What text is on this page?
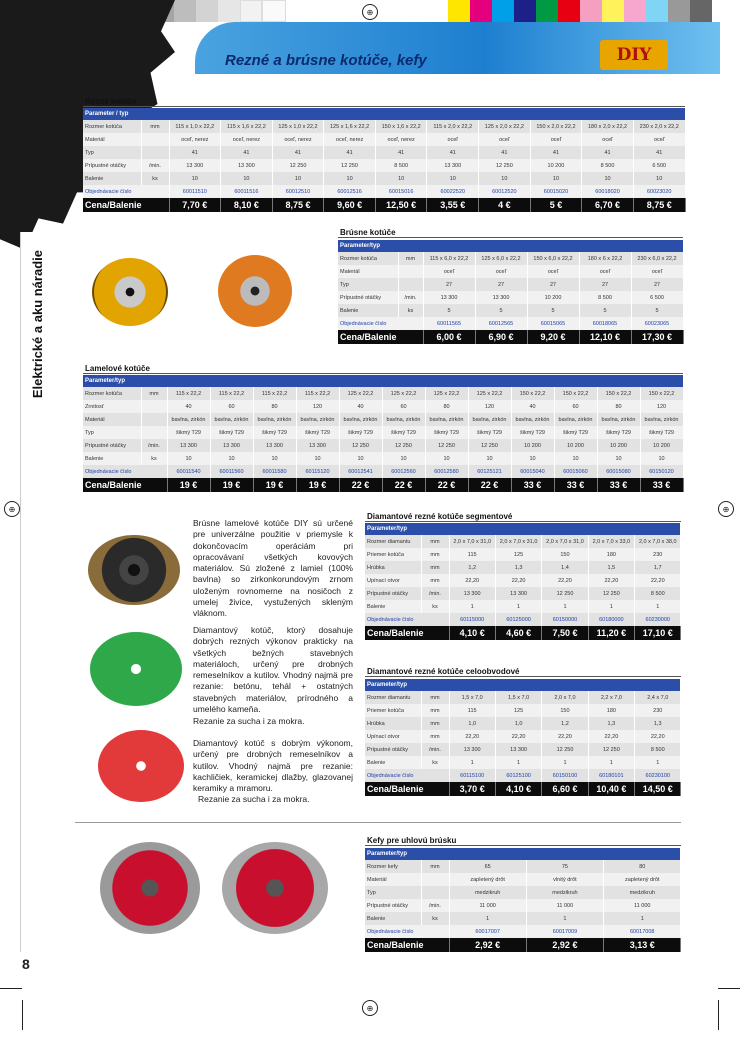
⊕
⊕	⊕
⊕
Rezné a brúsne kotúče, kefy	DIY
Elektrické a aku náradie
8
Rezné kotúče
Parameter / typ											
Rozmer kotúča	mm	115 x 1,0 x 22,2	115 x 1,6 x 22,2	125 x 1,0 x 22,2	125 x 1,6 x 22,2	150 x 1,6 x 22,2	115 x 2,0 x 22,2	125 x 2,0 x 22,2	150 x 2,0 x 22,2	180 x 2,0 x 22,2	230 x 2,0 x 22,2
Materiál		oceľ, nerez	oceľ, nerez	oceľ, nerez	oceľ, nerez	oceľ, nerez	oceľ	oceľ	oceľ	oceľ	oceľ
Typ		41	41	41	41	41	41	41	41	41	41
Prípustné otáčky	/min.	13 300	13 300	12 250	12 250	8 500	13 300	12 250	10 200	8 500	6 500
Balenie	ks	10	10	10	10	10	10	10	10	10	10
Objednávacie číslo		60011510	60011516	60012510	60012516	60015016	60022520	60012520	60015020	60018020	60023020
Cena/Balenie		7,70 €	8,10 €	8,75 €	9,60 €	12,50 €	3,55 €	4 €	5 €	6,70 €	8,75 €
Brúsne kotúče
Parameter/typ						
Rozmer kotúča	mm	115 x 6,0 x 22,2	125 x 6,0 x 22,2	150 x 6,0 x 22,2	180 x 6 x 22,2	230 x 6,0 x 22,2
Materiál		oceľ	oceľ	oceľ	oceľ	oceľ
Typ		27	27	27	27	27
Prípustné otáčky	/min.	13 300	13 300	10 200	8 500	6 500
Balenie	ks	5	5	5	5	5
Objednávacie číslo		60011565	60012565	60015065	60018065	60023065
Cena/Balenie		6,00 €	6,90 €	9,20 €	12,10 €	17,30 €
Lamelové kotúče
Parameter/typ													
Rozmer kotúča	mm	115 x 22,2	115 x 22,2	115 x 22,2	115 x 22,2	125 x 22,2	125 x 22,2	125 x 22,2	125 x 22,2	150 x 22,2	150 x 22,2	150 x 22,2	150 x 22,2
Zrnitosť		40	60	80	120	40	60	80	120	40	60	80	120
Materiál		bavlna, zirkón	bavlna, zirkón	bavlna, zirkón	bavlna, zirkón	bavlna, zirkón	bavlna, zirkón	bavlna, zirkón	bavlna, zirkón	bavlna, zirkón	bavlna, zirkón	bavlna, zirkón	bavlna, zirkón
Typ		šikmý T29	šikmý T29	šikmý T29	šikmý T29	šikmý T29	šikmý T29	šikmý T29	šikmý T29	šikmý T29	šikmý T29	šikmý T29	šikmý T29
Prípustné otáčky	/min.	13 300	13 300	13 300	13 300	12 250	12 250	12 250	12 250	10 200	10 200	10 200	10 200
Balenie	ks	10	10	10	10	10	10	10	10	10	10	10	10
Objednávacie číslo		60011540	60011560	60011580	60115120	60012541	60012560	60012580	60125121	60015040	60015060	60015080	60150120
Cena/Balenie		19 €	19 €	19 €	19 €	22 €	22 €	22 €	22 €	33 €	33 €	33 €	33 €
Brúsne lamelové kotúče DIY sú určené pre univerzálne použitie v priemysle k dokončovacím operáciám pri opracovávaní všetkých kovových materiálov. Sú zložené z lamiel (100% bavlna) so zirkonkorundovým zrnom uloženým rovnomerne na nosičoch z umelej živice, vystužených skleným vláknom.
Diamantový kotúč, ktorý dosahuje dobrých rezných výkonov prakticky na všetkých bežných stavebných materiáloch, určený pre drobných remeselníkov a kutilov. Vhodný najmä pre rezanie: betónu, tehál + ostatných stavebných materiálov, prírodného a umelého kameňa.
Rezanie za sucha i za mokra.
Diamantový kotúč s dobrým výkonom, určený pre drobných remeselníkov a kutilov. Vhodný najmä pre rezanie: kachličiek, keramickej dlažby, glazovanej keramiky a mramoru.
Rezanie za sucha i za mokra.
Diamantové rezné kotúče segmentové
Parameter/typ						
Rozmer diamantu	mm	2,0 x 7,0 x 31,0	2,0 x 7,0 x 31,0	2,0 x 7,0 x 31,0	2,0 x 7,0 x 33,0	2,0 x 7,0 x 38,0
Priemer kotúča	mm	115	125	150	180	230
Hrúbka	mm	1,2	1,3	1,4	1,5	1,7
Upínací otvor	mm	22,20	22,20	22,20	22,20	22,20
Prípustné otáčky	/min.	13 300	13 300	12 250	12 250	8 500
Balenie	ks	1	1	1	1	1
Objednávacie číslo		60115000	60125000	60150000	60180000	60230000
Cena/Balenie		4,10 €	4,60 €	7,50 €	11,20 €	17,10 €
Diamantové rezné kotúče celoobvodové
Parameter/typ						
Rozmer diamantu	mm	1,5 x 7,0	1,5 x 7,0	2,0 x 7,0	2,2 x 7,0	2,4 x 7,0
Priemer kotúča	mm	115	125	150	180	230
Hrúbka	mm	1,0	1,0	1,2	1,3	1,3
Upínací otvor	mm	22,20	22,20	22,20	22,20	22,20
Prípustné otáčky	/min.	13 300	13 300	12 250	12 250	8 500
Balenie	ks	1	1	1	1	1
Objednávacie číslo		60115100	60125100	60150100	60180101	60230100
Cena/Balenie		3,70 €	4,10 €	6,60 €	10,40 €	14,50 €
Kefy pre uhlovú brúsku
Parameter/typ				
Rozmer kefy	mm	65	75	80
Materiál		zapletený drôt	vlnitý drôt	zapletený drôt
Typ		medzikruh	medzikruh	medzikruh
Prípustné otáčky	/min.	11 000	11 000	11 000
Balenie	ks	1	1	1
Objednávacie číslo		60017007	60017009	60017008
Cena/Balenie		2,92 €	2,92 €	3,13 €
